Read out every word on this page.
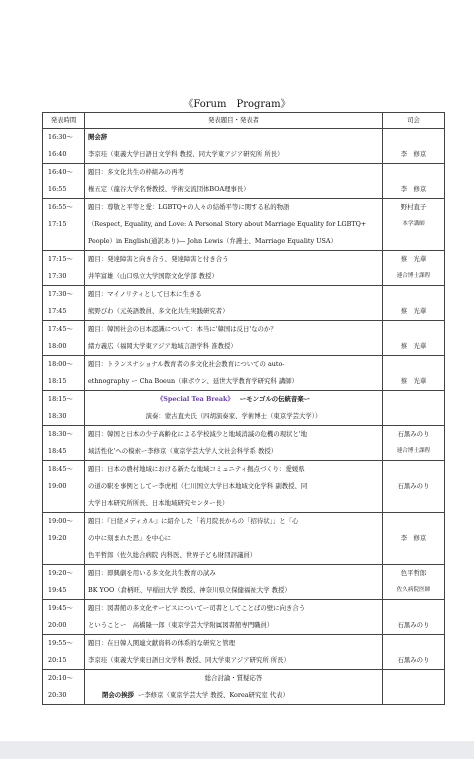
《Forum　Program》
発表時間	発表題目・発表者	司会

16:30～
16:40	開会辞
李京珪（東義大学日語日文学科 教授、同大学東アジア研究所 所長）	李　修京

16:40～
16:55	題目：多文化共生の枠組みの再考
権五定（龍谷大学名誉教授、学術交流団体BOA理事長）	李　修京

16:55～
17:15	題目：尊敬と平等と愛：LGBTQ+の人々の結婚平等に関する私的物語
（Respect, Equality, and Love: A Personal Story about Marriage Equality for LGBTQ+
People）in English(通訳あり)— John Lewis（弁護士、Marriage Equality USA）	野村直子
本学講師

17:15～
17:30	題目：発達障害と向き合う、発達障害と付き合う
井竿富雄（山口県立大学国際文化学部 教授）	蔡　光華
連合博士課程

17:30～
17:45	題目：マイノリティとして日本に生きる
熊野びわ（元英語教員、多文化共生実践研究者）	蔡　光華

17:45～
18:00	題目：韓国社会の日本認識について：本当に'韓国は反日'なのか？
緒方義広（福岡大学東アジア地域言語学科 准教授）	蔡　光華

18:00～
18:15	題目：トランスナショナル教育者の多文化社会教育についての auto-
ethnography ー Cha Boeun（車ボウン、延世大学教育学研究科 講師）	蔡　光華

18:15～
18:30	《Special Tea Break》 ーモンゴルの伝統音楽ー
演奏：蒙古直夫氏（四胡演奏家、学術博士（東京学芸大学））	

18:30～
18:45	題目：韓国と日本の少子高齢化による学校減少と地域消滅の危機の現状と'地
域活性化'への模索ー李修京（東京学芸大学人文社会科学系 教授）	石黒みのり
連合博士課程

18:45～
19:00	題目：日本の農村地域における新たな地域コミュニティ拠点づくり：愛媛県
の道の駅を事例としてー李虎相（仁川国立大学日本地域文化学科 副教授、同
大学日本研究所所長、日本地域研究センター長）	石黒みのり

19:00～
19:20	題目：『日経メディカル』に紹介した「若月院長からの「招待状」」と「心
の中に刻まれた思」を中心に
色平哲郎（佐久総合病院 内科医、世界子ども財団評議員）	李　修京

19:20～
19:45	題目：即興劇を用いる多文化共生教育の試み
BK YOO（倉柄旺、早稲田大学 教授、神奈川県立保健福祉大学 教授）	色平哲郎
佐久病院医師

19:45～
20:00	題目：図書館の多文化サービスについてー司書としてことばの壁に向き合う
ということー　高橋隆一郎（東京学芸大学附属図書館専門職員）	石黒みのり

19:55～
20:15	題目：在日韓人関連文献資料の体系的な研究と管理
李京珪（東義大学東日語日文学科 教授、同大学東アジア研究所 所長）	石黒みのり

20:10～
20:30	総合討論・質疑応答
閉会の挨拶 ー李修京（東京学芸大学 教授、Korea研究室 代表）	
